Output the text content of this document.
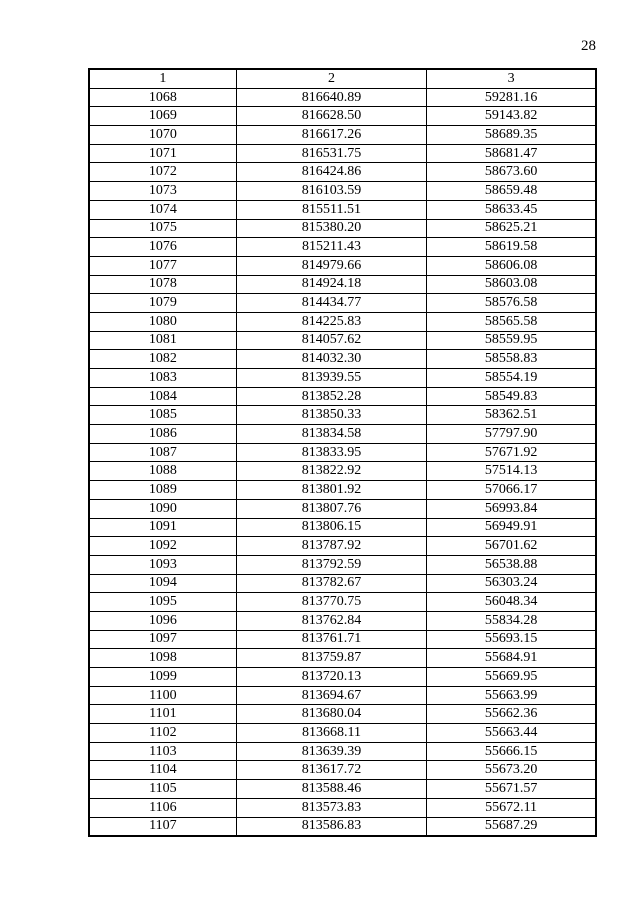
28
1	2	3
1068	816640.89	59281.16
1069	816628.50	59143.82
1070	816617.26	58689.35
1071	816531.75	58681.47
1072	816424.86	58673.60
1073	816103.59	58659.48
1074	815511.51	58633.45
1075	815380.20	58625.21
1076	815211.43	58619.58
1077	814979.66	58606.08
1078	814924.18	58603.08
1079	814434.77	58576.58
1080	814225.83	58565.58
1081	814057.62	58559.95
1082	814032.30	58558.83
1083	813939.55	58554.19
1084	813852.28	58549.83
1085	813850.33	58362.51
1086	813834.58	57797.90
1087	813833.95	57671.92
1088	813822.92	57514.13
1089	813801.92	57066.17
1090	813807.76	56993.84
1091	813806.15	56949.91
1092	813787.92	56701.62
1093	813792.59	56538.88
1094	813782.67	56303.24
1095	813770.75	56048.34
1096	813762.84	55834.28
1097	813761.71	55693.15
1098	813759.87	55684.91
1099	813720.13	55669.95
1100	813694.67	55663.99
1101	813680.04	55662.36
1102	813668.11	55663.44
1103	813639.39	55666.15
1104	813617.72	55673.20
1105	813588.46	55671.57
1106	813573.83	55672.11
1107	813586.83	55687.29
